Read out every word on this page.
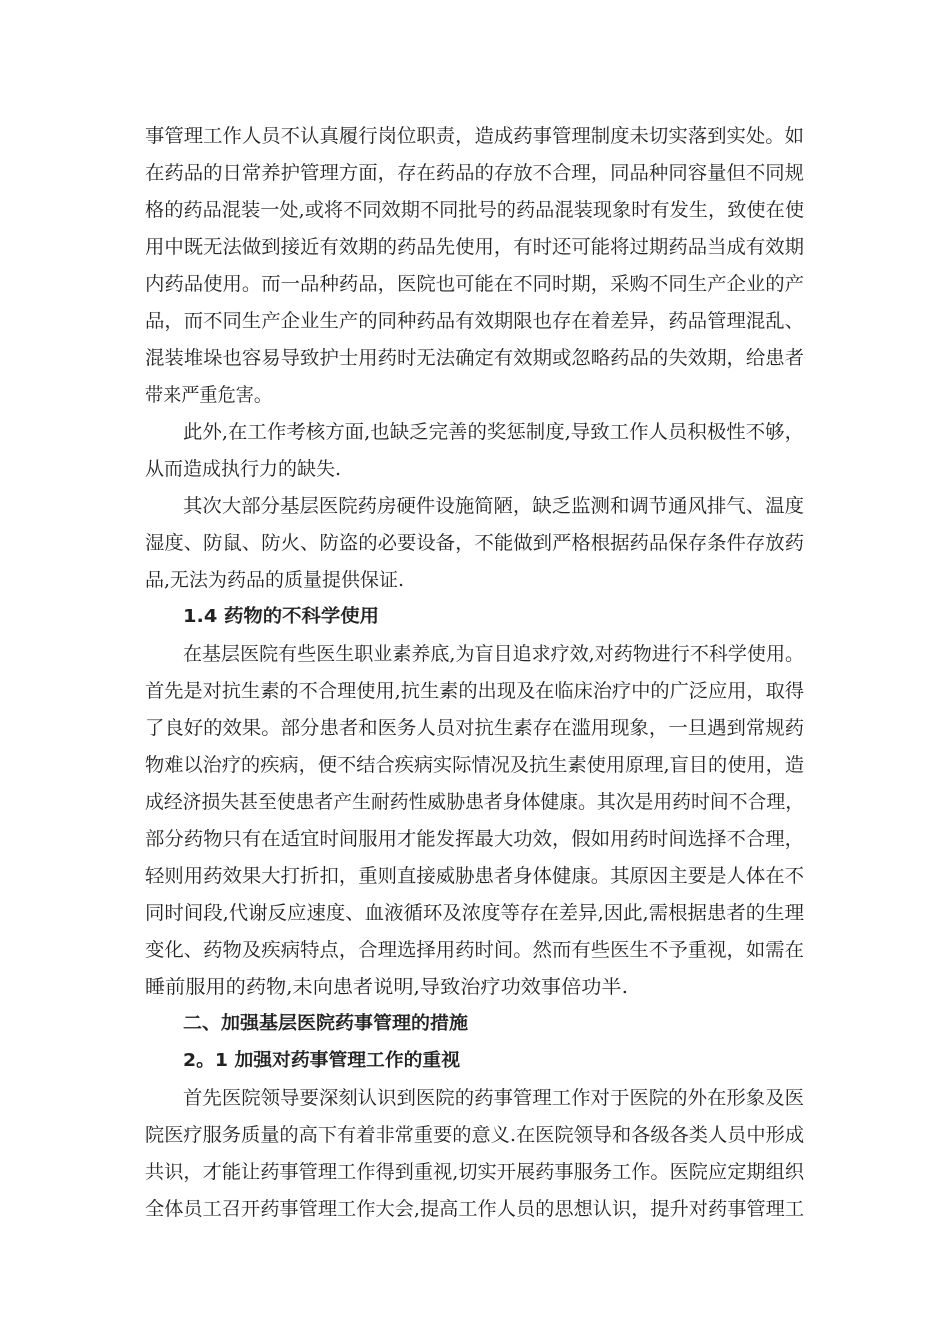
事管理工作人员不认真履行岗位职责，造成药事管理制度未切实落到实处。如
在药品的日常养护管理方面，存在药品的存放不合理，同品种同容量但不同规
格的药品混装一处,或将不同效期不同批号的药品混装现象时有发生，致使在使
用中既无法做到接近有效期的药品先使用，有时还可能将过期药品当成有效期
内药品使用。而一品种药品，医院也可能在不同时期，采购不同生产企业的产
品，而不同生产企业生产的同种药品有效期限也存在着差异，药品管理混乱、
混装堆垛也容易导致护士用药时无法确定有效期或忽略药品的失效期，给患者
带来严重危害。
此外,在工作考核方面,也缺乏完善的奖惩制度,导致工作人员积极性不够，
从而造成执行力的缺失.
其次大部分基层医院药房硬件设施简陋，缺乏监测和调节通风排气、温度
湿度、防鼠、防火、防盗的必要设备，不能做到严格根据药品保存条件存放药
品,无法为药品的质量提供保证.
1.4 药物的不科学使用
在基层医院有些医生职业素养底,为盲目追求疗效,对药物进行不科学使用。
首先是对抗生素的不合理使用,抗生素的出现及在临床治疗中的广泛应用，取得
了良好的效果。部分患者和医务人员对抗生素存在滥用现象，一旦遇到常规药
物难以治疗的疾病，便不结合疾病实际情况及抗生素使用原理,盲目的使用，造
成经济损失甚至使患者产生耐药性威胁患者身体健康。其次是用药时间不合理，
部分药物只有在适宜时间服用才能发挥最大功效，假如用药时间选择不合理，
轻则用药效果大打折扣，重则直接威胁患者身体健康。其原因主要是人体在不
同时间段,代谢反应速度、血液循环及浓度等存在差异,因此,需根据患者的生理
变化、药物及疾病特点，合理选择用药时间。然而有些医生不予重视，如需在
睡前服用的药物,未向患者说明,导致治疗功效事倍功半.
二、加强基层医院药事管理的措施
2。1 加强对药事管理工作的重视
首先医院领导要深刻认识到医院的药事管理工作对于医院的外在形象及医
院医疗服务质量的高下有着非常重要的意义.在医院领导和各级各类人员中形成
共识，才能让药事管理工作得到重视,切实开展药事服务工作。医院应定期组织
全体员工召开药事管理工作大会,提高工作人员的思想认识，提升对药事管理工
